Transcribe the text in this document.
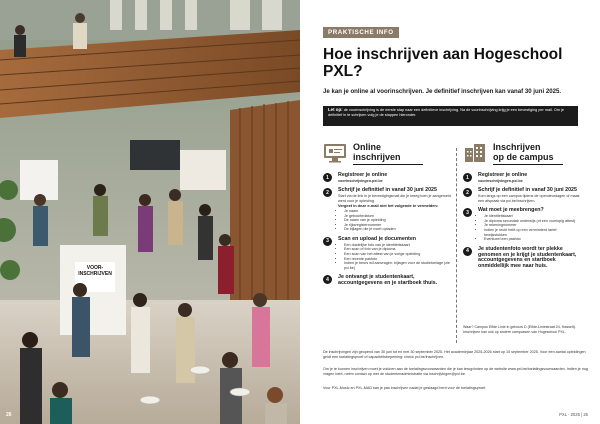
VOOR-
INSCHRIJVEN
26
PRAKTISCHE INFO
Hoe inschrijven aan Hogeschool PXL?

Je kan je online al voorinschrijven. Je definitief inschrijven kan vanaf 30 juni 2025.

Let op: de voorinschrijving is de eerste stap naar een definitieve inschrijving. Na de voorinschrijving krijg je een bevestiging per mail. Om je definitief in te schrijven volg je de stappen hieronder.
Online
inschrijven
1	Registreer je online
voorinschrijvingen.pxl.be
2	Schrijf je definitief in vanaf 30 juni 2025
Start via de link in je bevestigingsmail die je kreeg toen je aangemeld werd voor je opleiding.
Vergeet in deze e-mail niet het volgende te vermelden:
• Je naam
• Je geboortedatum
• De naam van je opleiding
• Je rijksregisternummer
• De bijlagen die je moet opladen
3	Scan en upload je documenten
• Een duidelijke foto van je identiteitskaart
• Een scan of foto van je diploma
• Een scan van het attest van je vorige opleiding
• Een recente pasfoto
• Indien je beurs wil aanvragen: bijlagen voor de studietoelage (zie pxl.be)
4	Je ontvangt je studentenkaart, accountgegevens en je startboek thuis.
Inschrijven
op de campus
1	Registreer je online
voorinschrijvingen.pxl.be
2	Schrijf je definitief in vanaf 30 juni 2025
Kom langs op een campus tijdens de opendeurdagen of maak een afspraak via pxl.be/inschrijven.
3	Wat moet je meebrengen?
• Je identiteitskaart
• Je diploma secundair onderwijs (of een voorlopig attest)
• Je rekeningnummer
• Indien je recht hebt op een verminderd tarief: bewijsstukken
• Eventueel een pasfoto
4	Je studentenfoto wordt ter plekke genomen en je krijgt je studentenkaart, accountgegevens en startboek onmiddellijk mee naar huis.
Waar? Campus Elfde Linie in gebouw D (Elfde-Liniestraat 24, Hasselt). Inschrijven kan ook op andere campussen van Hogeschool PXL.

De inschrijvingen zijn geopend van 30 juni tot en met 30 september 2025. Het academiejaar 2025-2026 start op 15 september 2025. Voor een aantal opleidingen geldt een toelatingsproef of capaciteitsbeperking: check pxl.be/inschrijven.

Om je te kunnen inschrijven moet je voldoen aan de toelatingsvoorwaarden die je kan terugvinden op de website www.pxl.be/toelatingsvoorwaarden. Indien je nog vragen hebt, neem contact op met de studentenadministratie via inschrijvingen@pxl.be.

Voor PXL-Music en PXL-MAD kan je pas inschrijven nadat je geslaagd bent voor de toelatingsproef.

PXL · 2025 | 25
